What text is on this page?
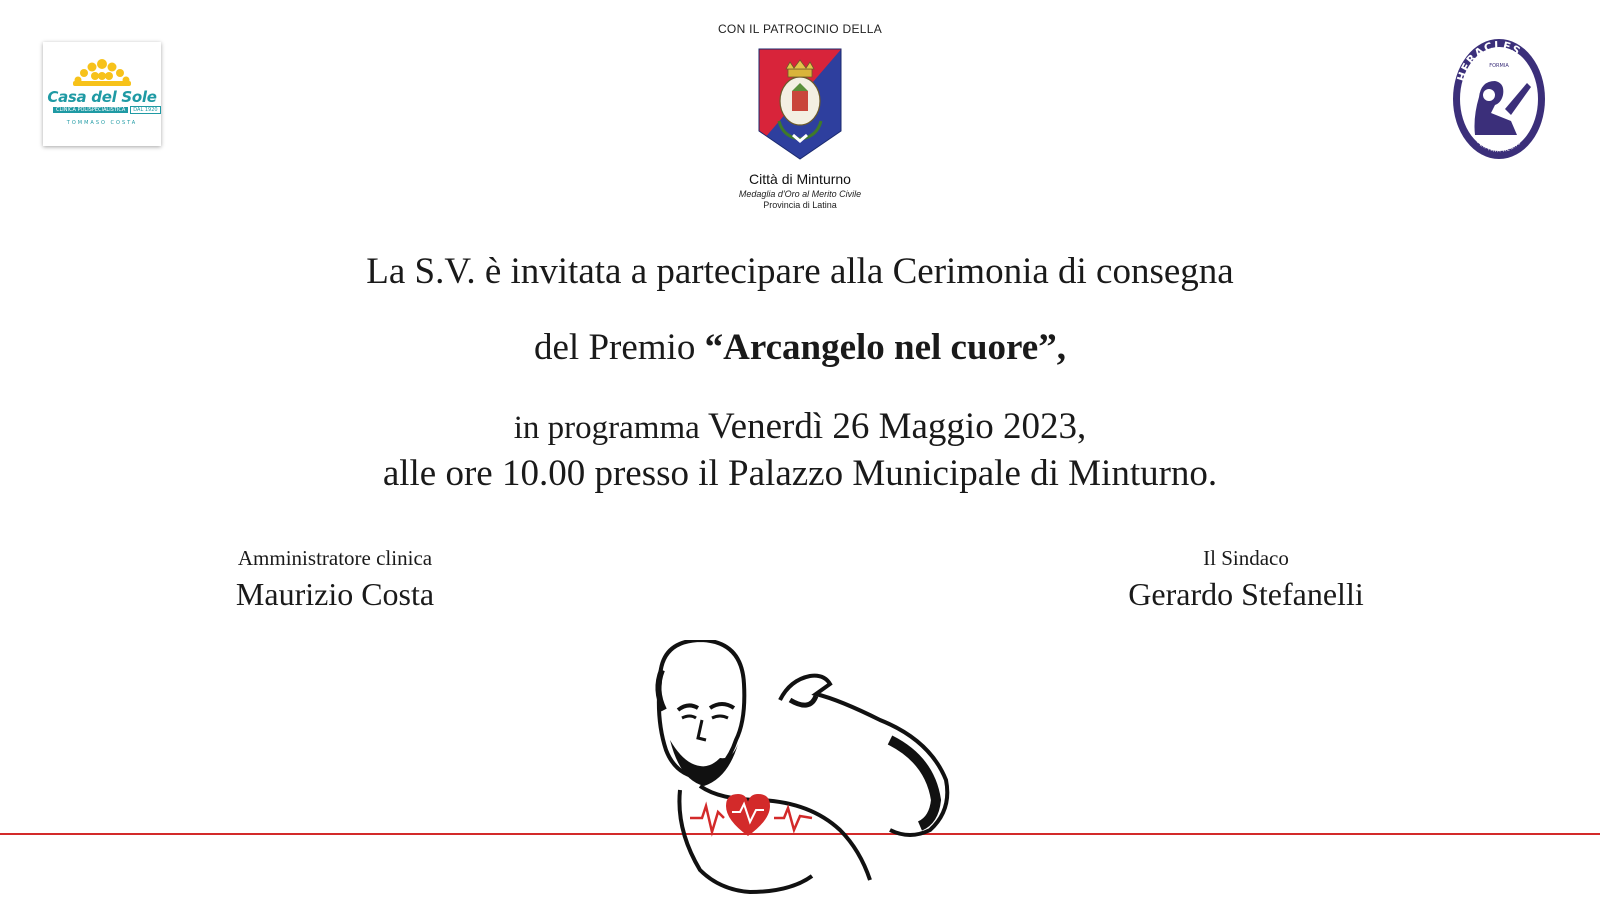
Casa del Sole
CLINICA POLISPECIALISTICA DAL 1920
TOMMASO COSTA
CON IL PATROCINIO DELLA
Città di Minturno
Medaglia d'Oro al Merito Civile
Provincia di Latina
HERACLES
FORMIA
PER FATA REGNO
La S.V. è invitata a partecipare alla Cerimonia di consegna
del Premio “Arcangelo nel cuore”,
in programma Venerdì 26 Maggio 2023,
alle ore 10.00 presso il Palazzo Municipale di Minturno.
Amministratore clinica
Maurizio Costa
Il Sindaco
Gerardo Stefanelli
